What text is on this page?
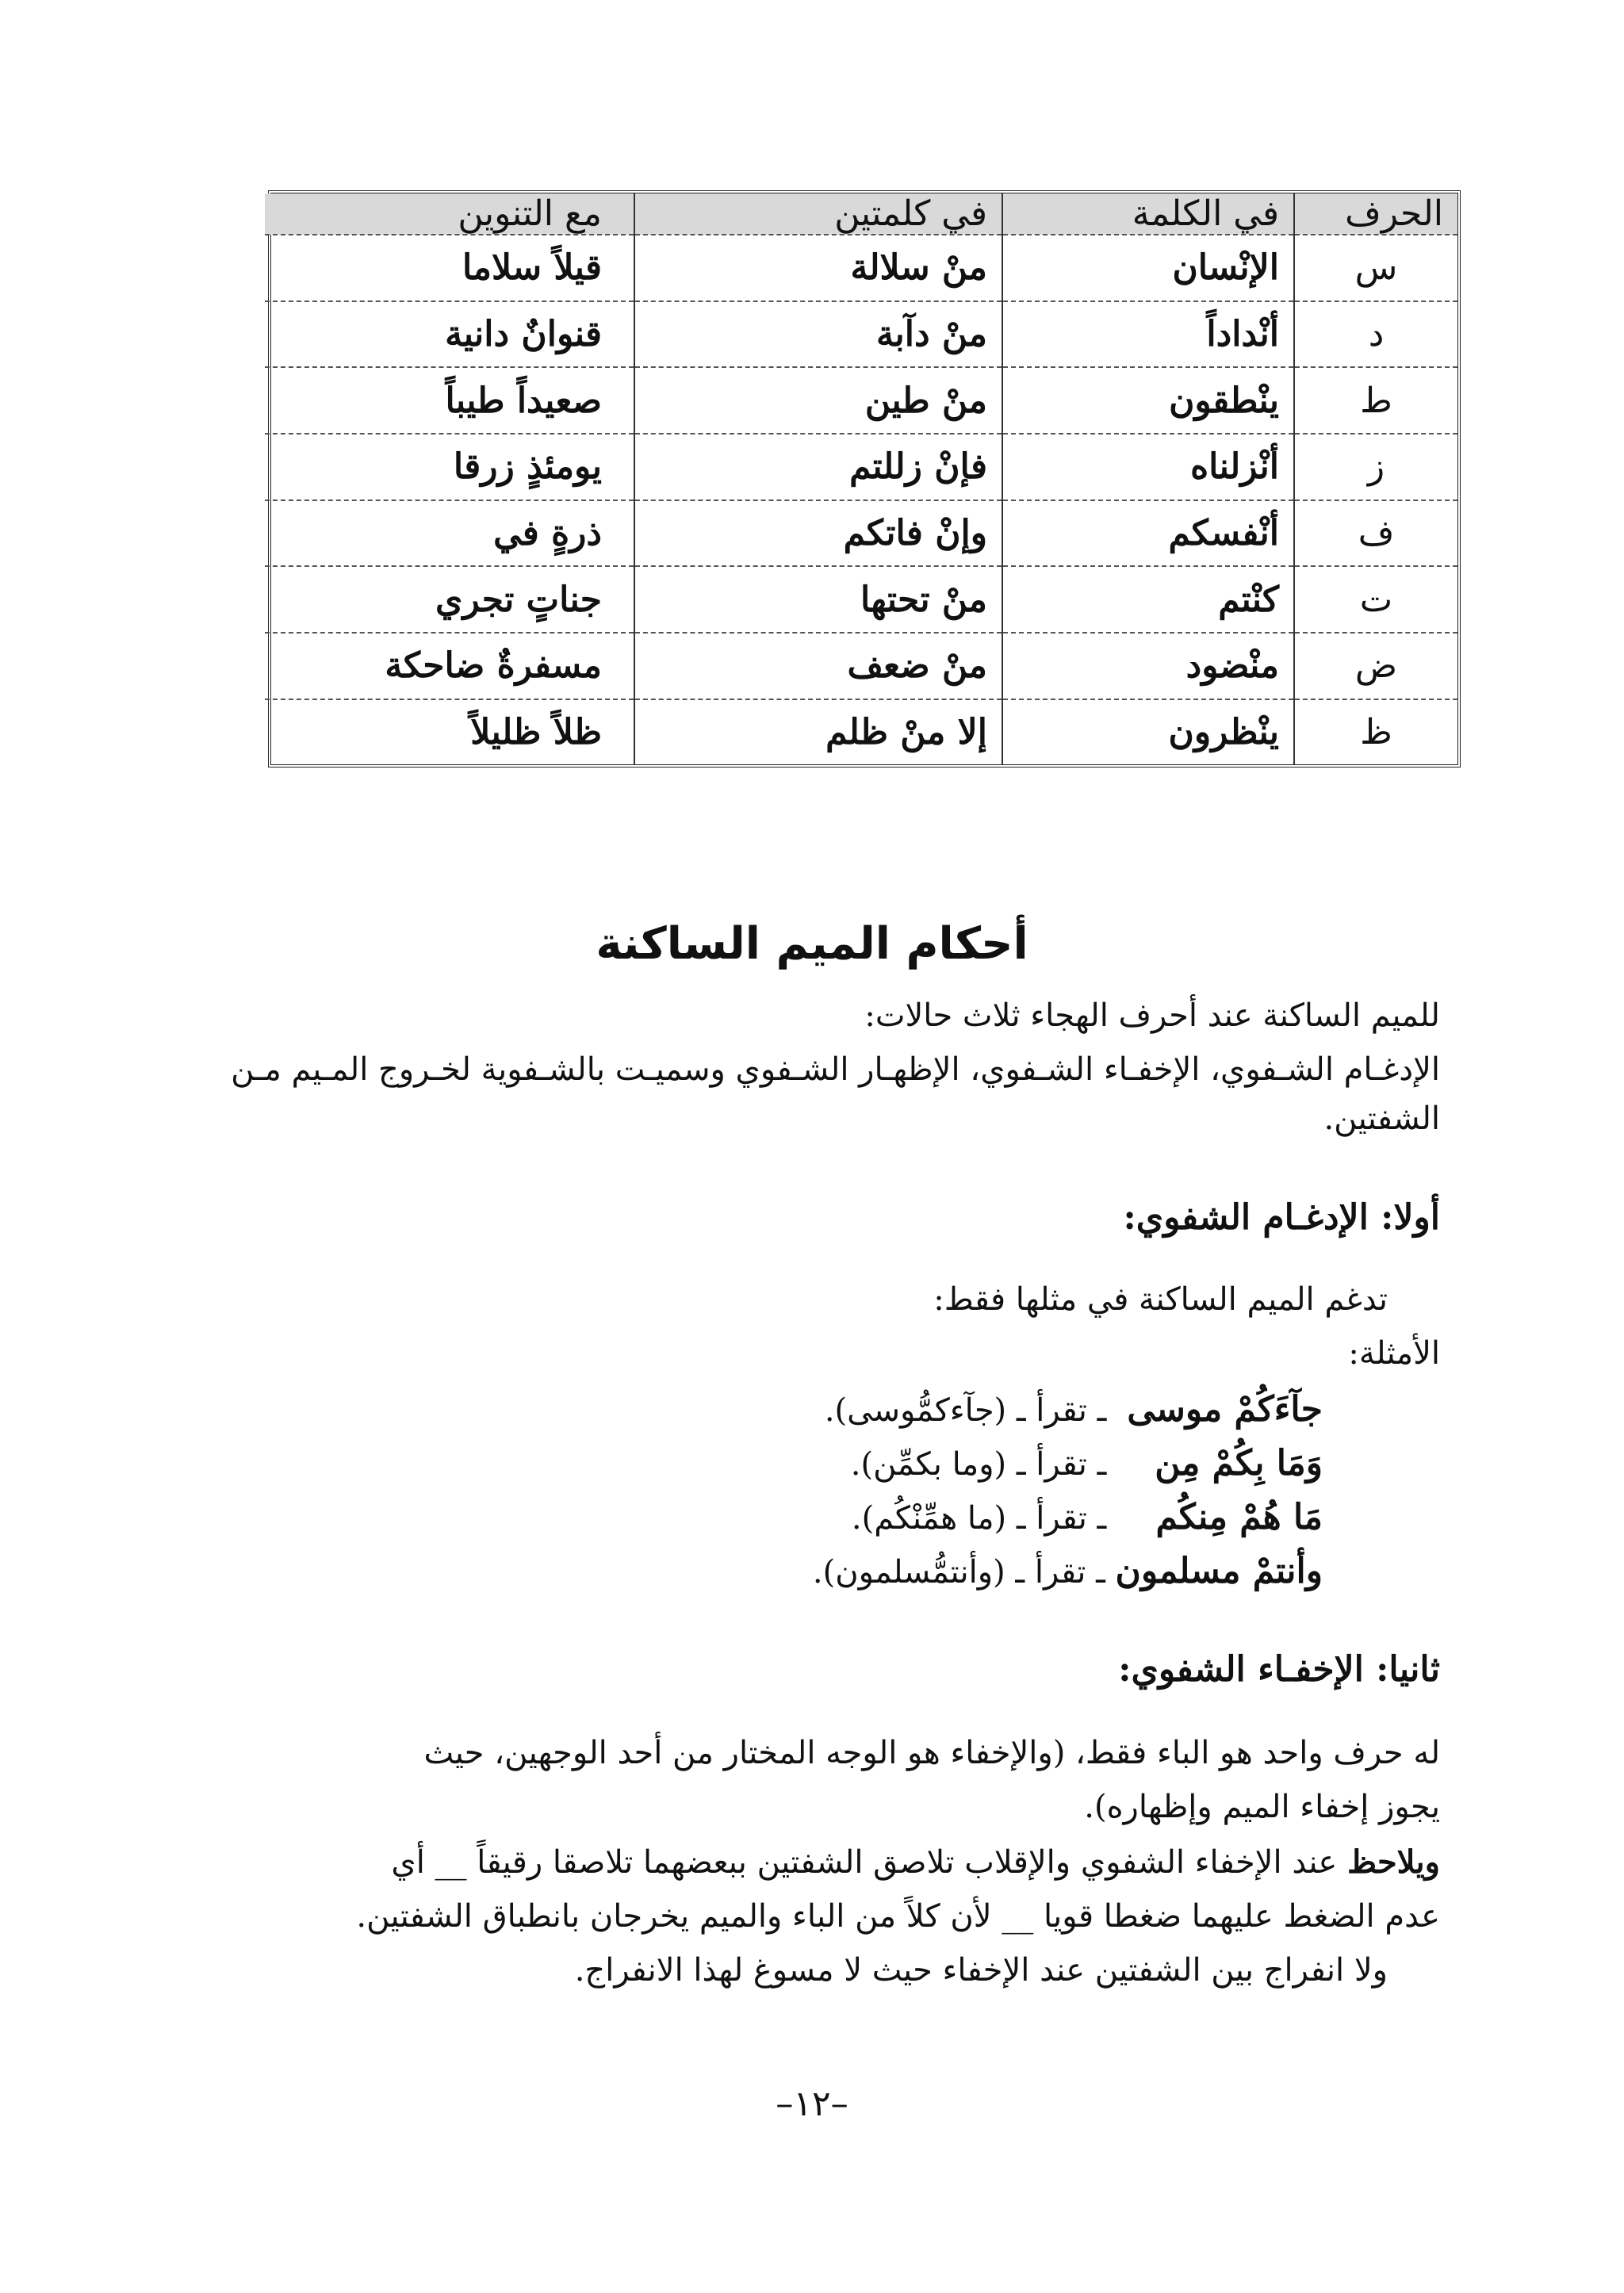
الحرف	في الكلمة	في كلمتين	مع التنوين
س	الإنْسان	منْ سلالة	قيلاً سلاما
د	أنْداداً	منْ دآبة	قنوانٌ دانية
ط	ينْطقون	منْ طين	صعيداً طيباً
ز	أنْزلناه	فإنْ زللتم	يومئذٍ زرقا
ف	أنْفسكم	وإنْ فاتكم	ذرةٍ في
ت	كنْتم	منْ تحتها	جناتٍ تجري
ض	منْضود	منْ ضعف	مسفرةٌ ضاحكة
ظ	ينْظرون	إلا منْ ظلم	ظلاً ظليلاً
أحكام الميم الساكنة
للميم الساكنة عند أحرف الهجاء ثلاث حالات:
الإدغـام الشـفوي، الإخفـاء الشـفوي، الإظهـار الشـفوي وسميـت بالشـفوية لخـروج المـيم مـن
الشفتين.
أولا: الإدغـام الشفوي:
تدغم الميم الساكنة في مثلها فقط:
الأمثلة:
جآءَكُمْ موسى ـ تقرأ ـ (جآءكمُّوسى).
وَمَا بِكُمْ مِن ـ تقرأ ـ (وما بكمِّن).
مَا هُمْ مِنكُم ـ تقرأ ـ (ما همِّنْكُم).
وأنتمْ مسلمون ـ تقرأ ـ (وأنتمُّسلمون).
ثانيا: الإخفـاء الشفوي:
له حرف واحد هو الباء فقط، (والإخفاء هو الوجه المختار من أحد الوجهين، حيث
يجوز إخفاء الميم وإظهاره).
ويلاحظ عند الإخفاء الشفوي والإقلاب تلاصق الشفتين ببعضهما تلاصقا رقيقاً __ أي
عدم الضغط عليهما ضغطا قويا __ لأن كلاً من الباء والميم يخرجان بانطباق الشفتين.
ولا انفراج بين الشفتين عند الإخفاء حيث لا مسوغ لهذا الانفراج.
–١٢–
